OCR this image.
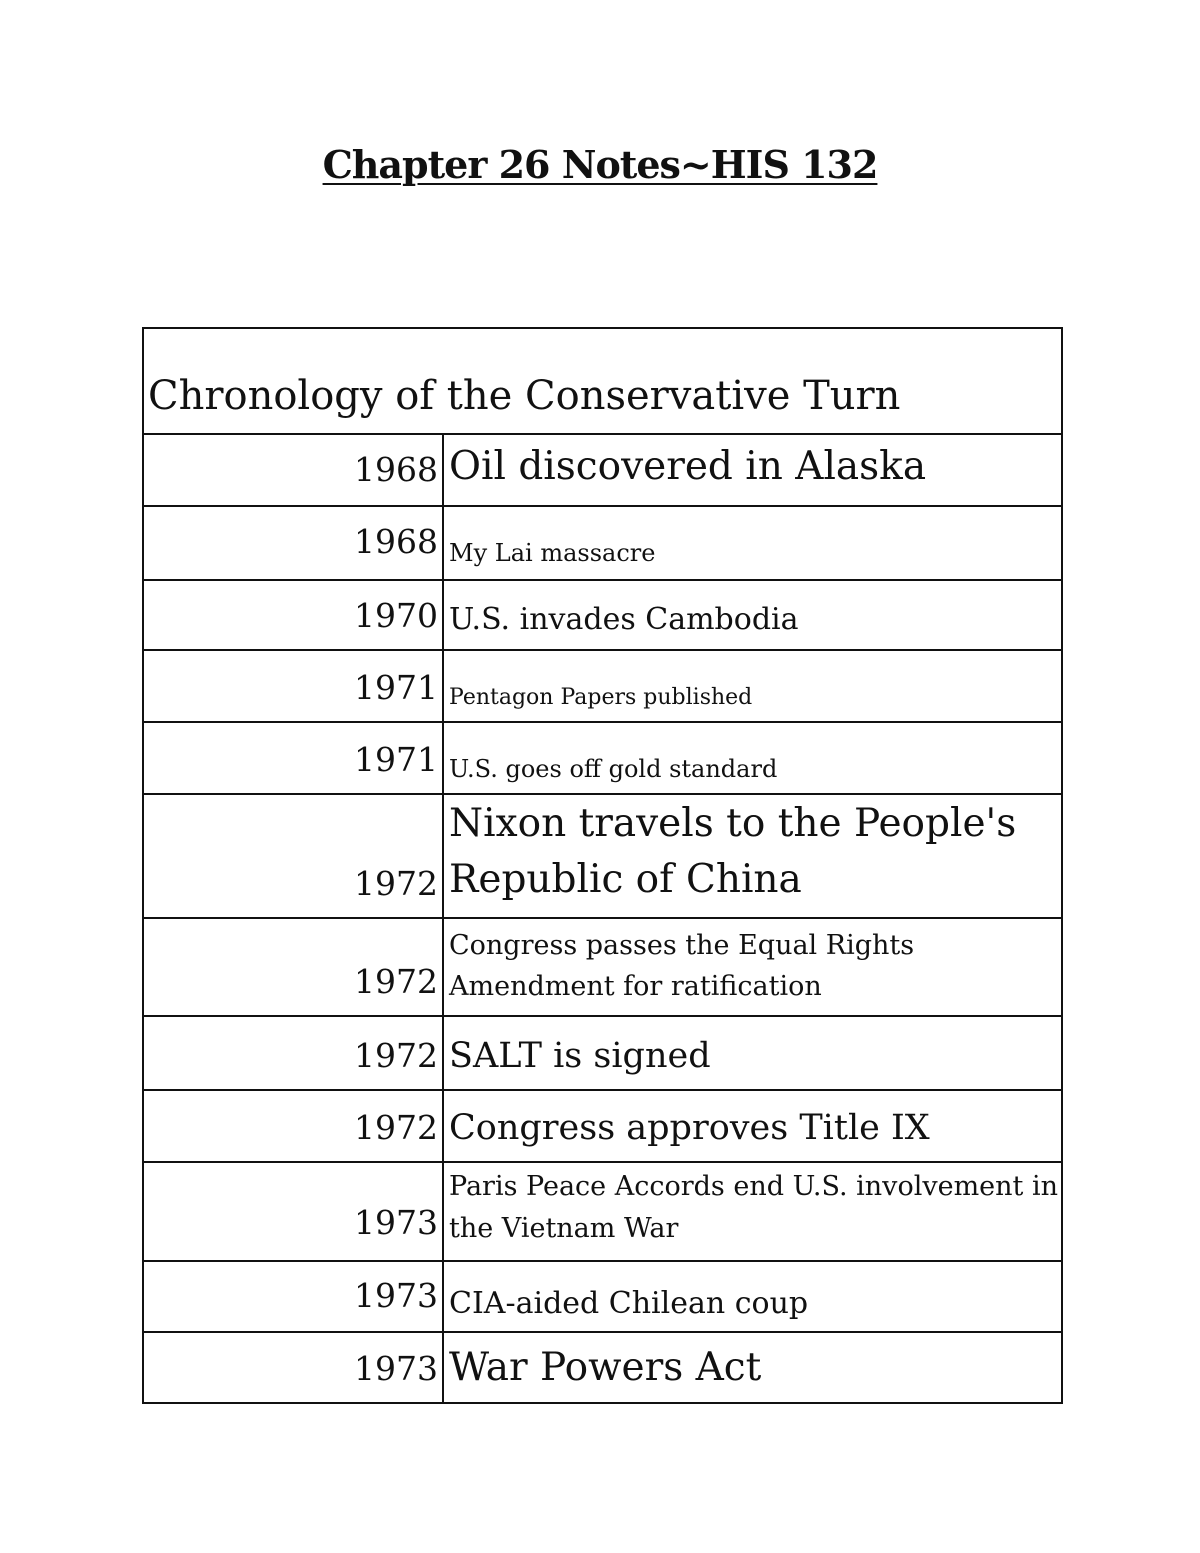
Chapter 26 Notes~HIS 132
Chronology of the Conservative Turn	
1968	Oil discovered in Alaska
1968	My Lai massacre
1970	U.S. invades Cambodia
1971	Pentagon Papers published
1971	U.S. goes off gold standard
1972	Nixon travels to the People's Republic of China
1972	Congress passes the Equal Rights Amendment for ratification
1972	SALT is signed
1972	Congress approves Title IX
1973	Paris Peace Accords end U.S. involvement in the Vietnam War
1973	CIA-aided Chilean coup
1973	War Powers Act
